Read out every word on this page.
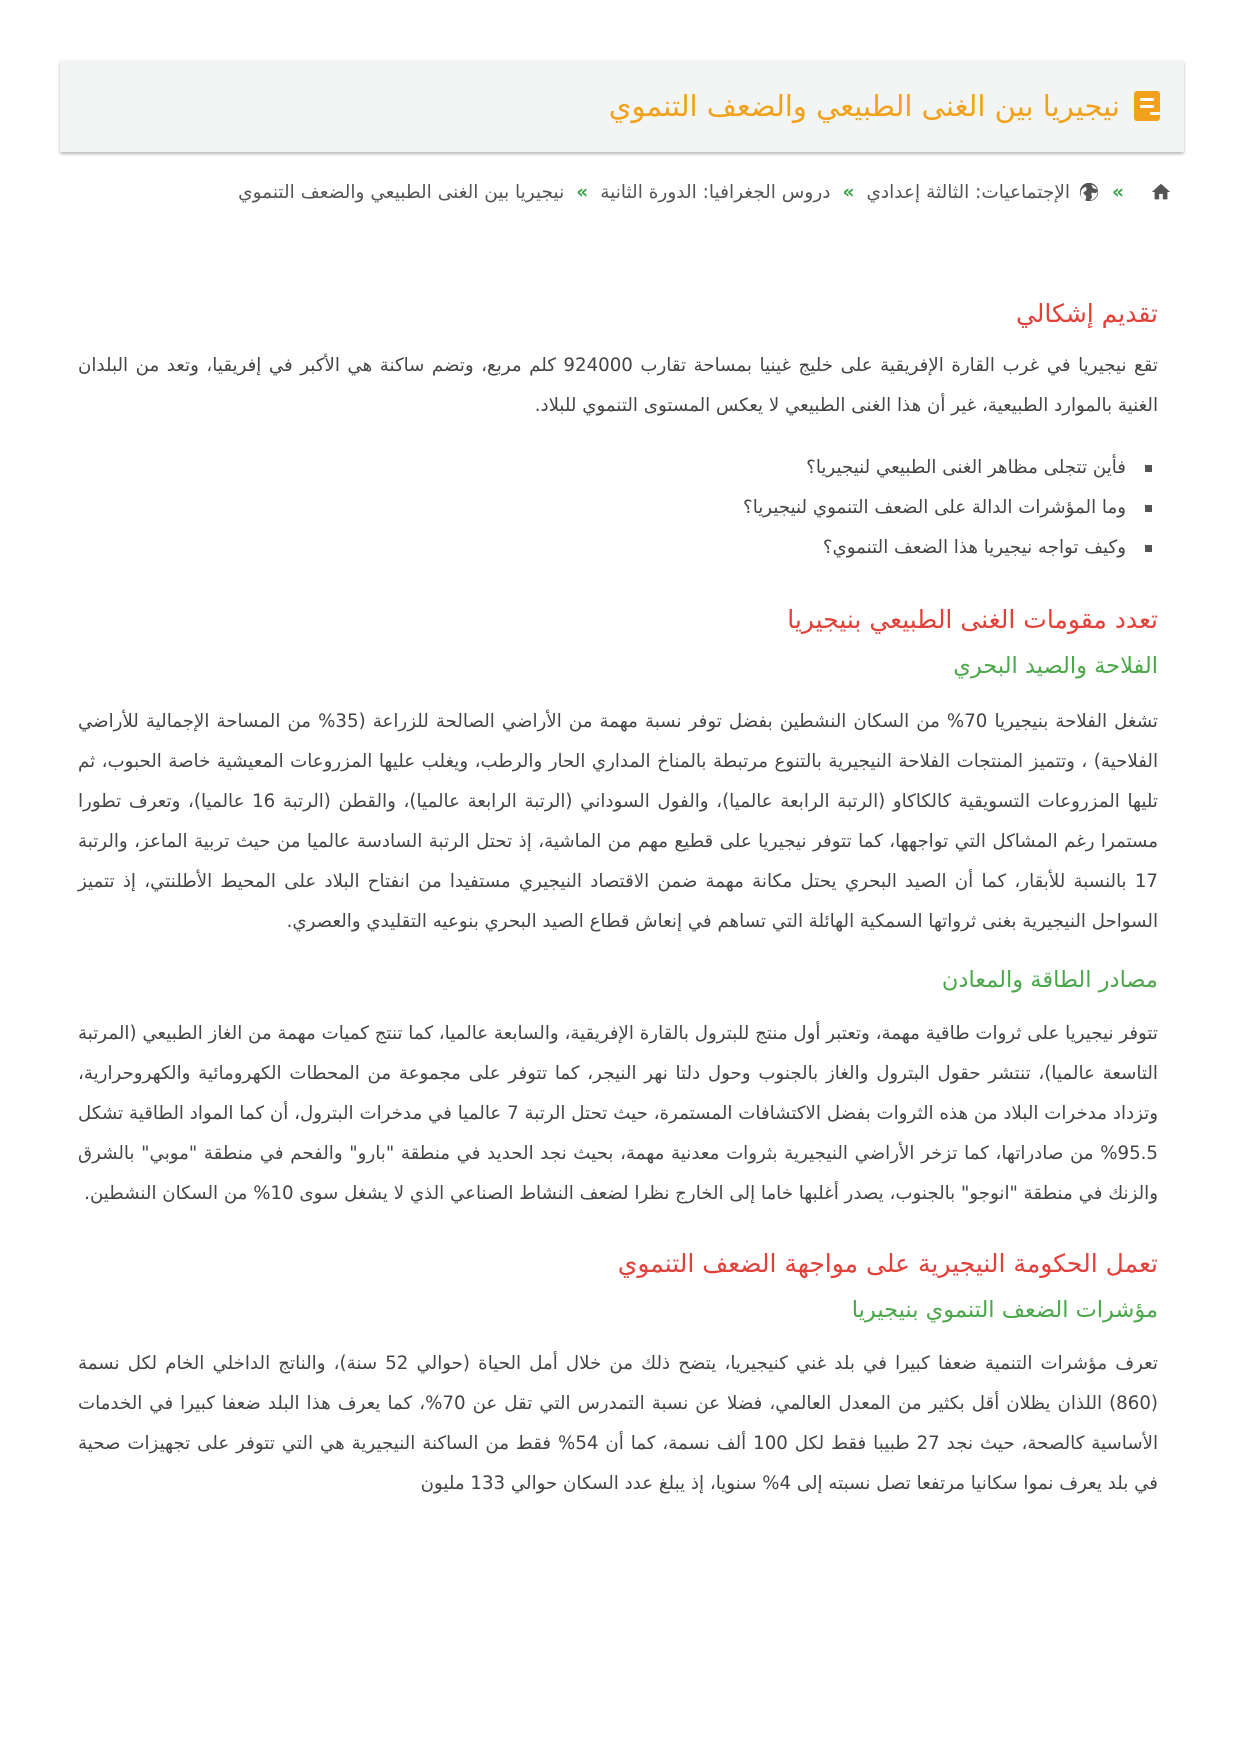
نيجيريا بين الغنى الطبيعي والضعف التنموي
»
الإجتماعيات: الثالثة إعدادي
»
دروس الجغرافيا: الدورة الثانية
»
نيجيريا بين الغنى الطبيعي والضعف التنموي
تقديم إشكالي

تقع نيجيريا في غرب القارة الإفريقية على خليج غينيا بمساحة تقارب 924000 كلم مربع، وتضم ساكنة هي الأكبر في إفريقيا، وتعد من البلدان الغنية بالموارد الطبيعية، غير أن هذا الغنى الطبيعي لا يعكس المستوى التنموي للبلاد.

فأين تتجلى مظاهر الغنى الطبيعي لنيجيريا؟
وما المؤشرات الدالة على الضعف التنموي لنيجيريا؟
وكيف تواجه نيجيريا هذا الضعف التنموي؟
تعدد مقومات الغنى الطبيعي بنيجيريا
الفلاحة والصيد البحري

تشغل الفلاحة بنيجيريا 70% من السكان النشطين بفضل توفر نسبة مهمة من الأراضي الصالحة للزراعة (35% من المساحة الإجمالية للأراضي الفلاحية) ، وتتميز المنتجات الفلاحة النيجيرية بالتنوع مرتبطة بالمناخ المداري الحار والرطب، ويغلب عليها المزروعات المعيشية خاصة الحبوب، ثم تليها المزروعات التسويقية كالكاكاو (الرتبة الرابعة عالميا)، والفول السوداني (الرتبة الرابعة عالميا)، والقطن (الرتبة 16 عالميا)، وتعرف تطورا مستمرا رغم المشاكل التي تواجهها، كما تتوفر نيجيريا على قطيع مهم من الماشية، إذ تحتل الرتبة السادسة عالميا من حيث تربية الماعز، والرتبة 17 بالنسبة للأبقار، كما أن الصيد البحري يحتل مكانة مهمة ضمن الاقتصاد النيجيري مستفيدا من انفتاح البلاد على المحيط الأطلنتي، إذ تتميز السواحل النيجيرية بغنى ثرواتها السمكية الهائلة التي تساهم في إنعاش قطاع الصيد البحري بنوعيه التقليدي والعصري.

مصادر الطاقة والمعادن

تتوفر نيجيريا على ثروات طاقية مهمة، وتعتبر أول منتج للبترول بالقارة الإفريقية، والسابعة عالميا، كما تنتج كميات مهمة من الغاز الطبيعي (المرتبة التاسعة عالميا)، تنتشر حقول البترول والغاز بالجنوب وحول دلتا نهر النيجر، كما تتوفر على مجموعة من المحطات الكهرومائية والكهروحرارية، وتزداد مدخرات البلاد من هذه الثروات بفضل الاكتشافات المستمرة، حيث تحتل الرتبة 7 عالميا في مدخرات البترول، أن كما المواد الطاقية تشكل 95.5% من صادراتها، كما تزخر الأراضي النيجيرية بثروات معدنية مهمة، بحيث نجد الحديد في منطقة "بارو" والفحم في منطقة "موبي" بالشرق والزنك في منطقة "انوجو" بالجنوب، يصدر أغلبها خاما إلى الخارج نظرا لضعف النشاط الصناعي الذي لا يشغل سوى 10% من السكان النشطين.

تعمل الحكومة النيجيرية على مواجهة الضعف التنموي
مؤشرات الضعف التنموي بنيجيريا

تعرف مؤشرات التنمية ضعفا كبيرا في بلد غني كنيجيريا، يتضح ذلك من خلال أمل الحياة (حوالي 52 سنة)، والناتج الداخلي الخام لكل نسمة (860) اللذان يظلان أقل بكثير من المعدل العالمي، فضلا عن نسبة التمدرس التي تقل عن 70%، كما يعرف هذا البلد ضعفا كبيرا في الخدمات الأساسية كالصحة، حيث نجد 27 طبيبا فقط لكل 100 ألف نسمة، كما أن 54% فقط من الساكنة النيجيرية هي التي تتوفر على تجهيزات صحية في بلد يعرف نموا سكانيا مرتفعا تصل نسبته إلى 4% سنويا، إذ يبلغ عدد السكان حوالي 133 مليون
